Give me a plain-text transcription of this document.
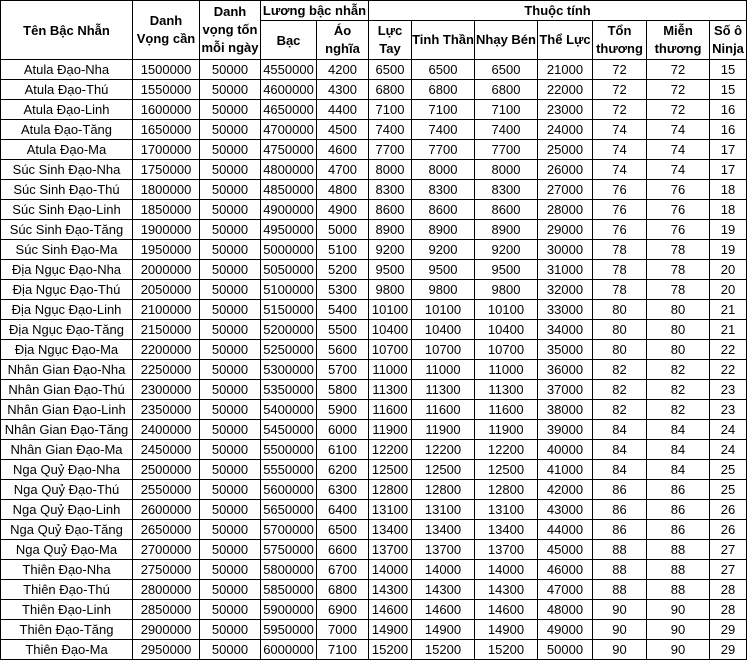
Tên Bậc Nhẫn	Danh Vọng cần	Danh vọng tốn mỗi ngày	Lương bậc nhẫn		Thuộc tính						
			Bạc	Áo nghĩa	Lực Tay	Tinh Thần	Nhạy Bén	Thể Lực	Tổn thương	Miễn thương	Số ô Ninja
Atula Đạo-Nha	1500000	50000	4550000	4200	6500	6500	6500	21000	72	72	15
Atula Đạo-Thú	1550000	50000	4600000	4300	6800	6800	6800	22000	72	72	15
Atula Đạo-Linh	1600000	50000	4650000	4400	7100	7100	7100	23000	72	72	16
Atula Đạo-Tăng	1650000	50000	4700000	4500	7400	7400	7400	24000	74	74	16
Atula Đạo-Ma	1700000	50000	4750000	4600	7700	7700	7700	25000	74	74	17
Súc Sinh Đạo-Nha	1750000	50000	4800000	4700	8000	8000	8000	26000	74	74	17
Súc Sinh Đạo-Thú	1800000	50000	4850000	4800	8300	8300	8300	27000	76	76	18
Súc Sinh Đạo-Linh	1850000	50000	4900000	4900	8600	8600	8600	28000	76	76	18
Súc Sinh Đạo-Tăng	1900000	50000	4950000	5000	8900	8900	8900	29000	76	76	19
Súc Sinh Đạo-Ma	1950000	50000	5000000	5100	9200	9200	9200	30000	78	78	19
Địa Ngục Đạo-Nha	2000000	50000	5050000	5200	9500	9500	9500	31000	78	78	20
Địa Ngục Đạo-Thú	2050000	50000	5100000	5300	9800	9800	9800	32000	78	78	20
Địa Ngục Đạo-Linh	2100000	50000	5150000	5400	10100	10100	10100	33000	80	80	21
Địa Ngục Đạo-Tăng	2150000	50000	5200000	5500	10400	10400	10400	34000	80	80	21
Địa Ngục Đạo-Ma	2200000	50000	5250000	5600	10700	10700	10700	35000	80	80	22
Nhân Gian Đạo-Nha	2250000	50000	5300000	5700	11000	11000	11000	36000	82	82	22
Nhân Gian Đạo-Thú	2300000	50000	5350000	5800	11300	11300	11300	37000	82	82	23
Nhân Gian Đạo-Linh	2350000	50000	5400000	5900	11600	11600	11600	38000	82	82	23
Nhân Gian Đạo-Tăng	2400000	50000	5450000	6000	11900	11900	11900	39000	84	84	24
Nhân Gian Đạo-Ma	2450000	50000	5500000	6100	12200	12200	12200	40000	84	84	24
Nga Quỷ Đạo-Nha	2500000	50000	5550000	6200	12500	12500	12500	41000	84	84	25
Nga Quỷ Đạo-Thú	2550000	50000	5600000	6300	12800	12800	12800	42000	86	86	25
Nga Quỷ Đạo-Linh	2600000	50000	5650000	6400	13100	13100	13100	43000	86	86	26
Nga Quỷ Đạo-Tăng	2650000	50000	5700000	6500	13400	13400	13400	44000	86	86	26
Nga Quỷ Đạo-Ma	2700000	50000	5750000	6600	13700	13700	13700	45000	88	88	27
Thiên Đạo-Nha	2750000	50000	5800000	6700	14000	14000	14000	46000	88	88	27
Thiên Đạo-Thú	2800000	50000	5850000	6800	14300	14300	14300	47000	88	88	28
Thiên Đạo-Linh	2850000	50000	5900000	6900	14600	14600	14600	48000	90	90	28
Thiên Đạo-Tăng	2900000	50000	5950000	7000	14900	14900	14900	49000	90	90	29
Thiên Đạo-Ma	2950000	50000	6000000	7100	15200	15200	15200	50000	90	90	29
